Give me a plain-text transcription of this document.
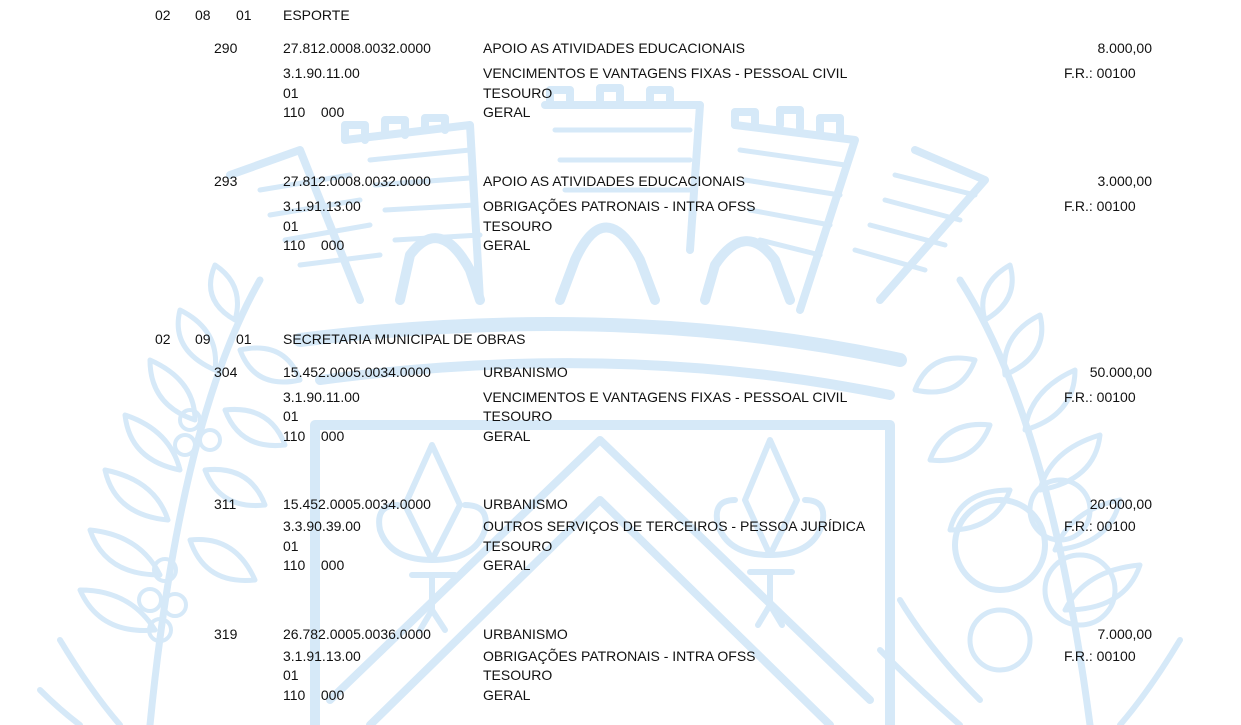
02 08 01 ESPORTE
290	27.812.0008.0032.0000	APOIO AS ATIVIDADES EDUCACIONAIS	8.000,00
3.1.90.11.00	VENCIMENTOS E VANTAGENS FIXAS - PESSOAL CIVIL	F.R.: 00100
01	TESOURO
110    000	GERAL
293	27.812.0008.0032.0000	APOIO AS ATIVIDADES EDUCACIONAIS	3.000,00
3.1.91.13.00	OBRIGAÇÕES PATRONAIS - INTRA OFSS	F.R.: 00100
01	TESOURO
110    000	GERAL
02 09 01 SECRETARIA MUNICIPAL DE OBRAS
304	15.452.0005.0034.0000	URBANISMO	50.000,00
3.1.90.11.00	VENCIMENTOS E VANTAGENS FIXAS - PESSOAL CIVIL	F.R.: 00100
01	TESOURO
110    000	GERAL
311	15.452.0005.0034.0000	URBANISMO	20.000,00
3.3.90.39.00	OUTROS SERVIÇOS DE TERCEIROS - PESSOA JURÍDICA	F.R.: 00100
01	TESOURO
110    000	GERAL
319	26.782.0005.0036.0000	URBANISMO	7.000,00
3.1.91.13.00	OBRIGAÇÕES PATRONAIS - INTRA OFSS	F.R.: 00100
01	TESOURO
110    000	GERAL
